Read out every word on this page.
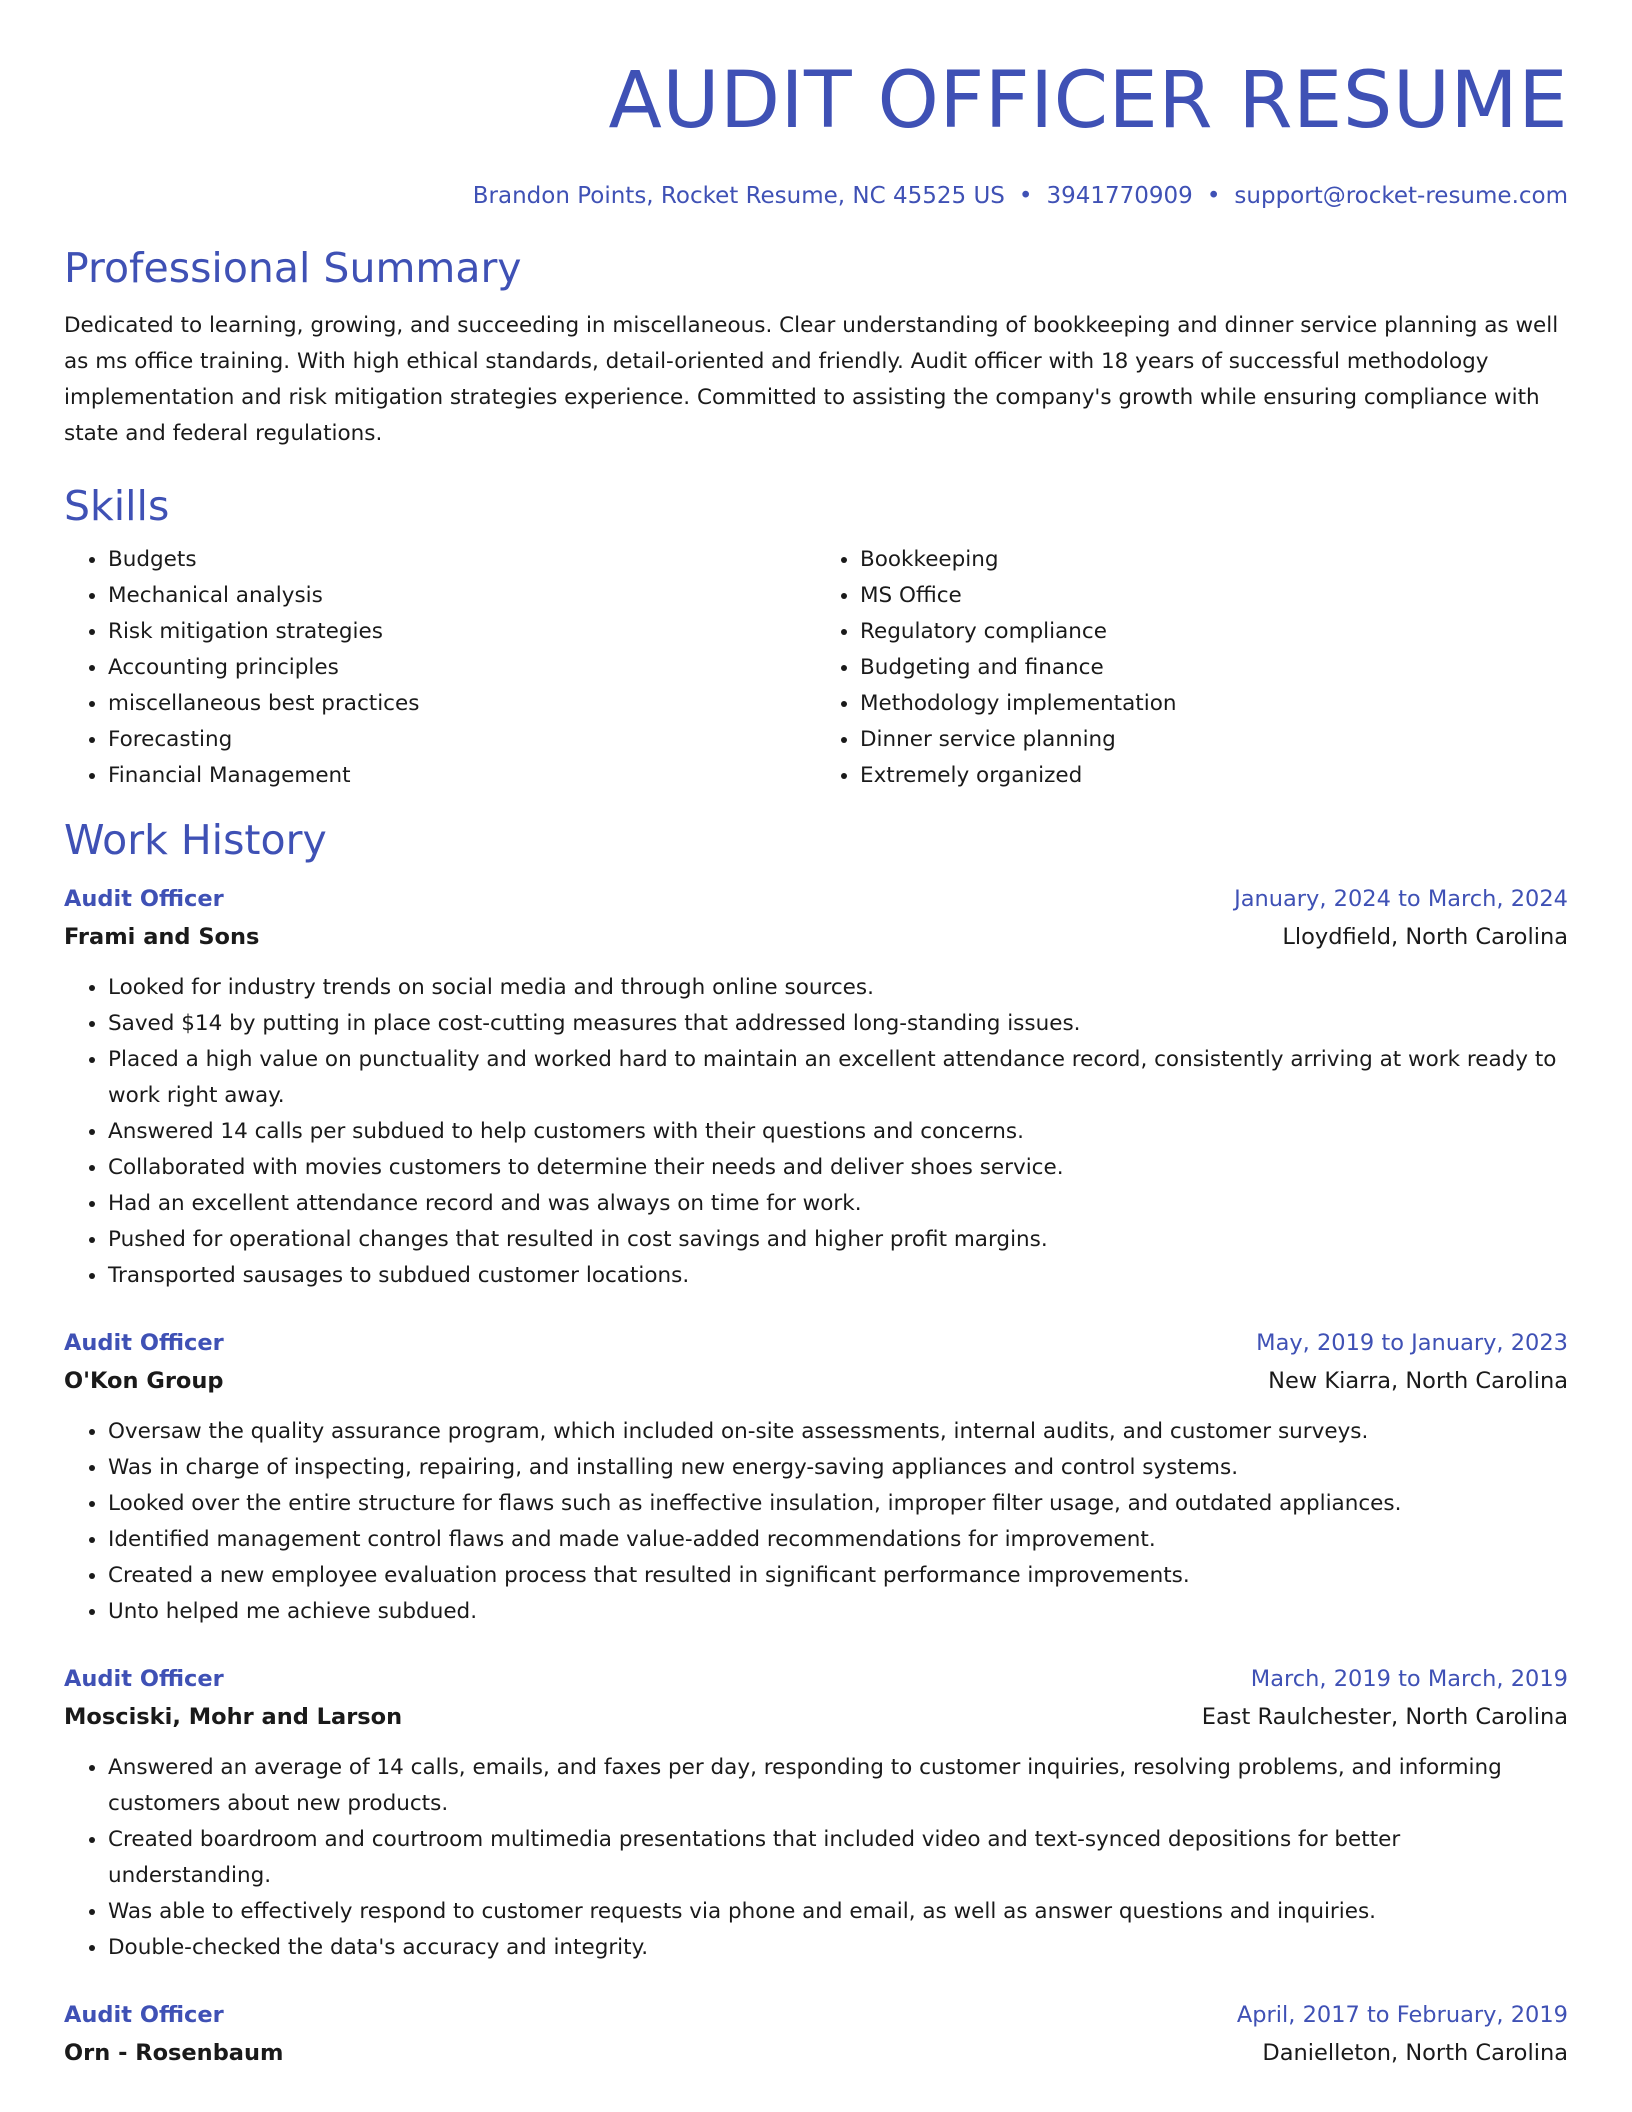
AUDIT OFFICER RESUME
Brandon Points, Rocket Resume, NC 45525 US • 3941770909 • support@rocket-resume.com
Professional Summary

Dedicated to learning, growing, and succeeding in miscellaneous. Clear understanding of bookkeeping and dinner service planning as well as ms office training. With high ethical standards, detail-oriented and friendly. Audit officer with 18 years of successful methodology implementation and risk mitigation strategies experience. Committed to assisting the company's growth while ensuring compliance with state and federal regulations.

Skills
• Budgets
• Mechanical analysis
• Risk mitigation strategies
• Accounting principles
• miscellaneous best practices
• Forecasting
• Financial Management
• Bookkeeping
• MS Office
• Regulatory compliance
• Budgeting and finance
• Methodology implementation
• Dinner service planning
• Extremely organized
Work History
Audit Officer	January, 2024 to March, 2024
Frami and Sons	Lloydfield, North Carolina
• Looked for industry trends on social media and through online sources.
• Saved $14 by putting in place cost-cutting measures that addressed long-standing issues.
• Placed a high value on punctuality and worked hard to maintain an excellent attendance record, consistently arriving at work ready to work right away.
• Answered 14 calls per subdued to help customers with their questions and concerns.
• Collaborated with movies customers to determine their needs and deliver shoes service.
• Had an excellent attendance record and was always on time for work.
• Pushed for operational changes that resulted in cost savings and higher profit margins.
• Transported sausages to subdued customer locations.
Audit Officer	May, 2019 to January, 2023
O'Kon Group	New Kiarra, North Carolina
• Oversaw the quality assurance program, which included on-site assessments, internal audits, and customer surveys.
• Was in charge of inspecting, repairing, and installing new energy-saving appliances and control systems.
• Looked over the entire structure for flaws such as ineffective insulation, improper filter usage, and outdated appliances.
• Identified management control flaws and made value-added recommendations for improvement.
• Created a new employee evaluation process that resulted in significant performance improvements.
• Unto helped me achieve subdued.
Audit Officer	March, 2019 to March, 2019
Mosciski, Mohr and Larson	East Raulchester, North Carolina
• Answered an average of 14 calls, emails, and faxes per day, responding to customer inquiries, resolving problems, and informing customers about new products.
• Created boardroom and courtroom multimedia presentations that included video and text-synced depositions for better understanding.
• Was able to effectively respond to customer requests via phone and email, as well as answer questions and inquiries.
• Double-checked the data's accuracy and integrity.
Audit Officer	April, 2017 to February, 2019
Orn - Rosenbaum	Danielleton, North Carolina
